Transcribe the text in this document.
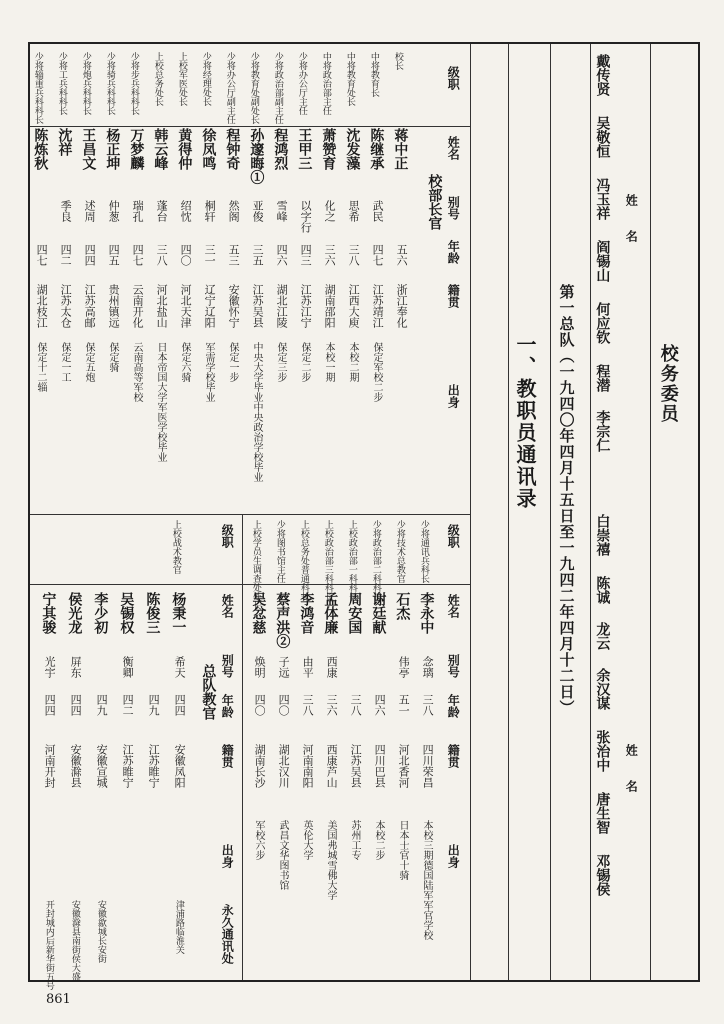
校务委员
姓　　名
姓　　名
戴传贤
吴敬恒
冯玉祥
阎锡山
何应钦
程潜
李宗仁
白崇禧
陈诚
龙云
余汉谋
张治中
唐生智
邓锡侯
第一总队（一九四〇年四月十五日至一九四二年四月十二日）
一、教职员通讯录
级职
姓名
别号
年龄
籍贯
出身
校部长官
校长
蒋中正
五六
浙江奉化
中将教育长
陈继承
武民
四七
江苏靖江
保定军校二步
中将教育处长
沈发藻
思希
三八
江西大庾
本校二期
中将政治部主任
萧赞育
化之
三六
湖南邵阳
本校一期
少将办公厅主任
王甲三
以字行
四三
江苏江宁
保定二步
少将政治部副主任
程鸿烈
雪峰
四六
湖北江陵
保定三步
少将教育处副处长
孙邃晦①
亚俊
三五
江苏吴县
中央大学毕业中央政治学校毕业
少将办公厅副主任
程钟奇
然阁
五三
安徽怀宁
保定一步
少将经理处长
徐凤鸣
桐轩
三一
辽宁辽阳
军需学校毕业
上校军医处长
黄得仲
绍忱
四〇
河北天津
保定六骑
上校总务处长
韩云峰
蓬台
三八
河北盐山
日本帝国大学军医学校毕业
少将步兵科科长
万梦麟
瑞孔
四七
云南开化
云南高等军校
少将骑兵科科长
杨正坤
仲葱
四五
贵州镇远
保定骑
少将炮兵科科长
王昌文
述周
四四
江苏高邮
保定五炮
少将工兵科科长
沈祥
季良
四二
江苏太仓
保定一工
少将辎重兵科科长
陈炼秋
四七
湖北枝江
保定十二辎
级职
姓名
别号
年龄
籍贯
出身
少将通讯兵科长
李永中
念璃
三八
四川荣昌
本校三期德国陆军军官学校
少将技术总教官
石杰
伟亭
五一
河北香河
日本士官十骑
少将政治部二科科长
谢廷献
四六
四川巴县
本校二步
上校政治部一科科长
周安国
三八
江苏吴县
苏州工专
上校政治部三科科长
孟体廉
西康
三六
西康芦山
美国弗城雪佛大学
上校总务处普通科长
李鸿音
由平
三八
河南南阳
英伦大学
少将图书馆主任
蔡声洪②
子远
四〇
湖北汉川
武昌文华图书馆
上校学员生调查处处长
吴忿慈
焕明
四〇
湖南长沙
军校六步
级职
姓名
别号
年龄
籍贯
出身
永久通讯处
总队教官
上校战术教官
杨秉一
希天
四四
安徽凤阳
津浦路临淮关
陈俊三
四九
江苏睢宁
吴锡权
衡卿
四二
江苏睢宁
李少初
四九
安徽宣城
安徽歙城长安街
侯光龙
屏东
四四
安徽滁县
安徽滁县南街侯大盛
宁其骏
光宇
四四
河南开封
开封城内后新华街五号
861
